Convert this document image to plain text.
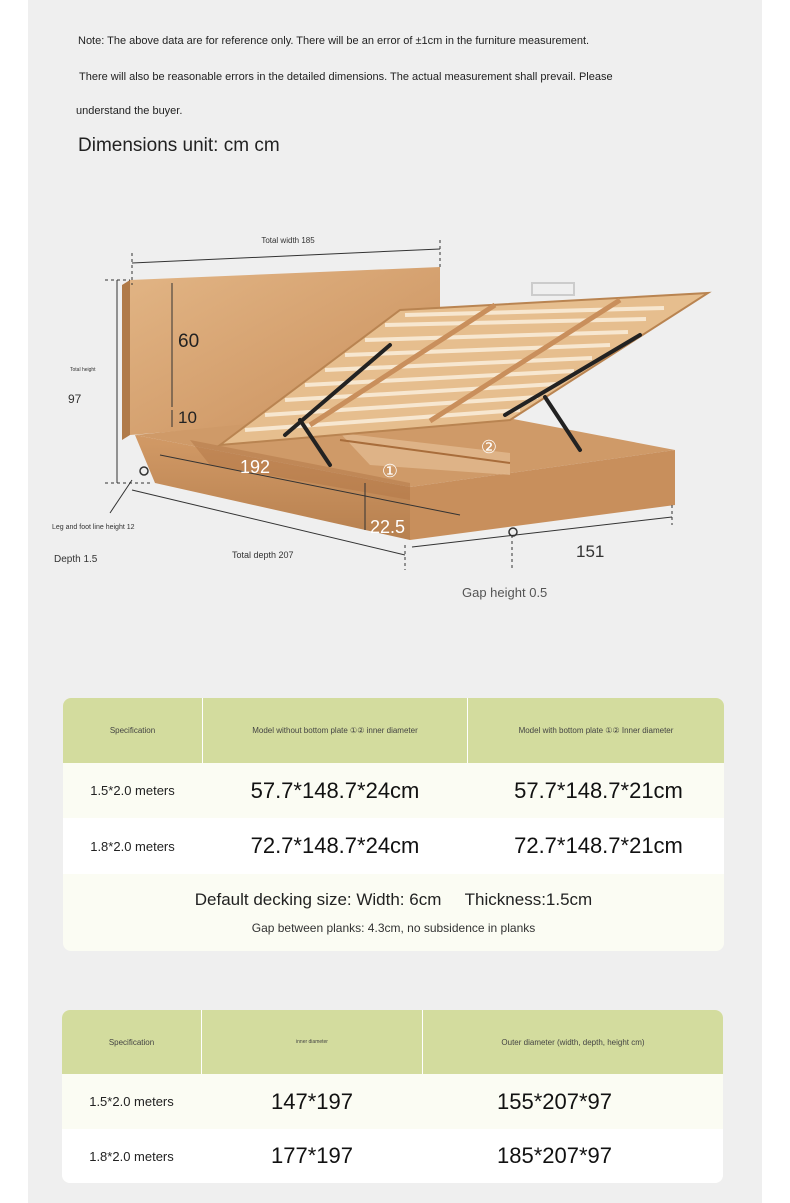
Note: The above data are for reference only. There will be an error of ±1cm in the furniture measurement.
There will also be reasonable errors in the detailed dimensions. The actual measurement shall prevail. Please
understand the buyer.
Dimensions unit: cm cm
Total width 185
60
Total height
97
10
192	①
②
Leg and foot line height 12
Depth 1.5	Total depth 207
22.5
151
Gap height 0.5
Specification	Model without bottom plate ①② inner diameter	Model with bottom plate ①② Inner diameter
1.5*2.0 meters	57.7*148.7*24cm	57.7*148.7*21cm
1.8*2.0 meters	72.7*148.7*24cm	72.7*148.7*21cm
Default decking size: Width: 6cm     Thickness:1.5cm
Gap between planks: 4.3cm, no subsidence in planks
Specification	inner diameter	Outer diameter (width, depth, height cm)
1.5*2.0 meters	147*197	155*207*97
1.8*2.0 meters	177*197	185*207*97
